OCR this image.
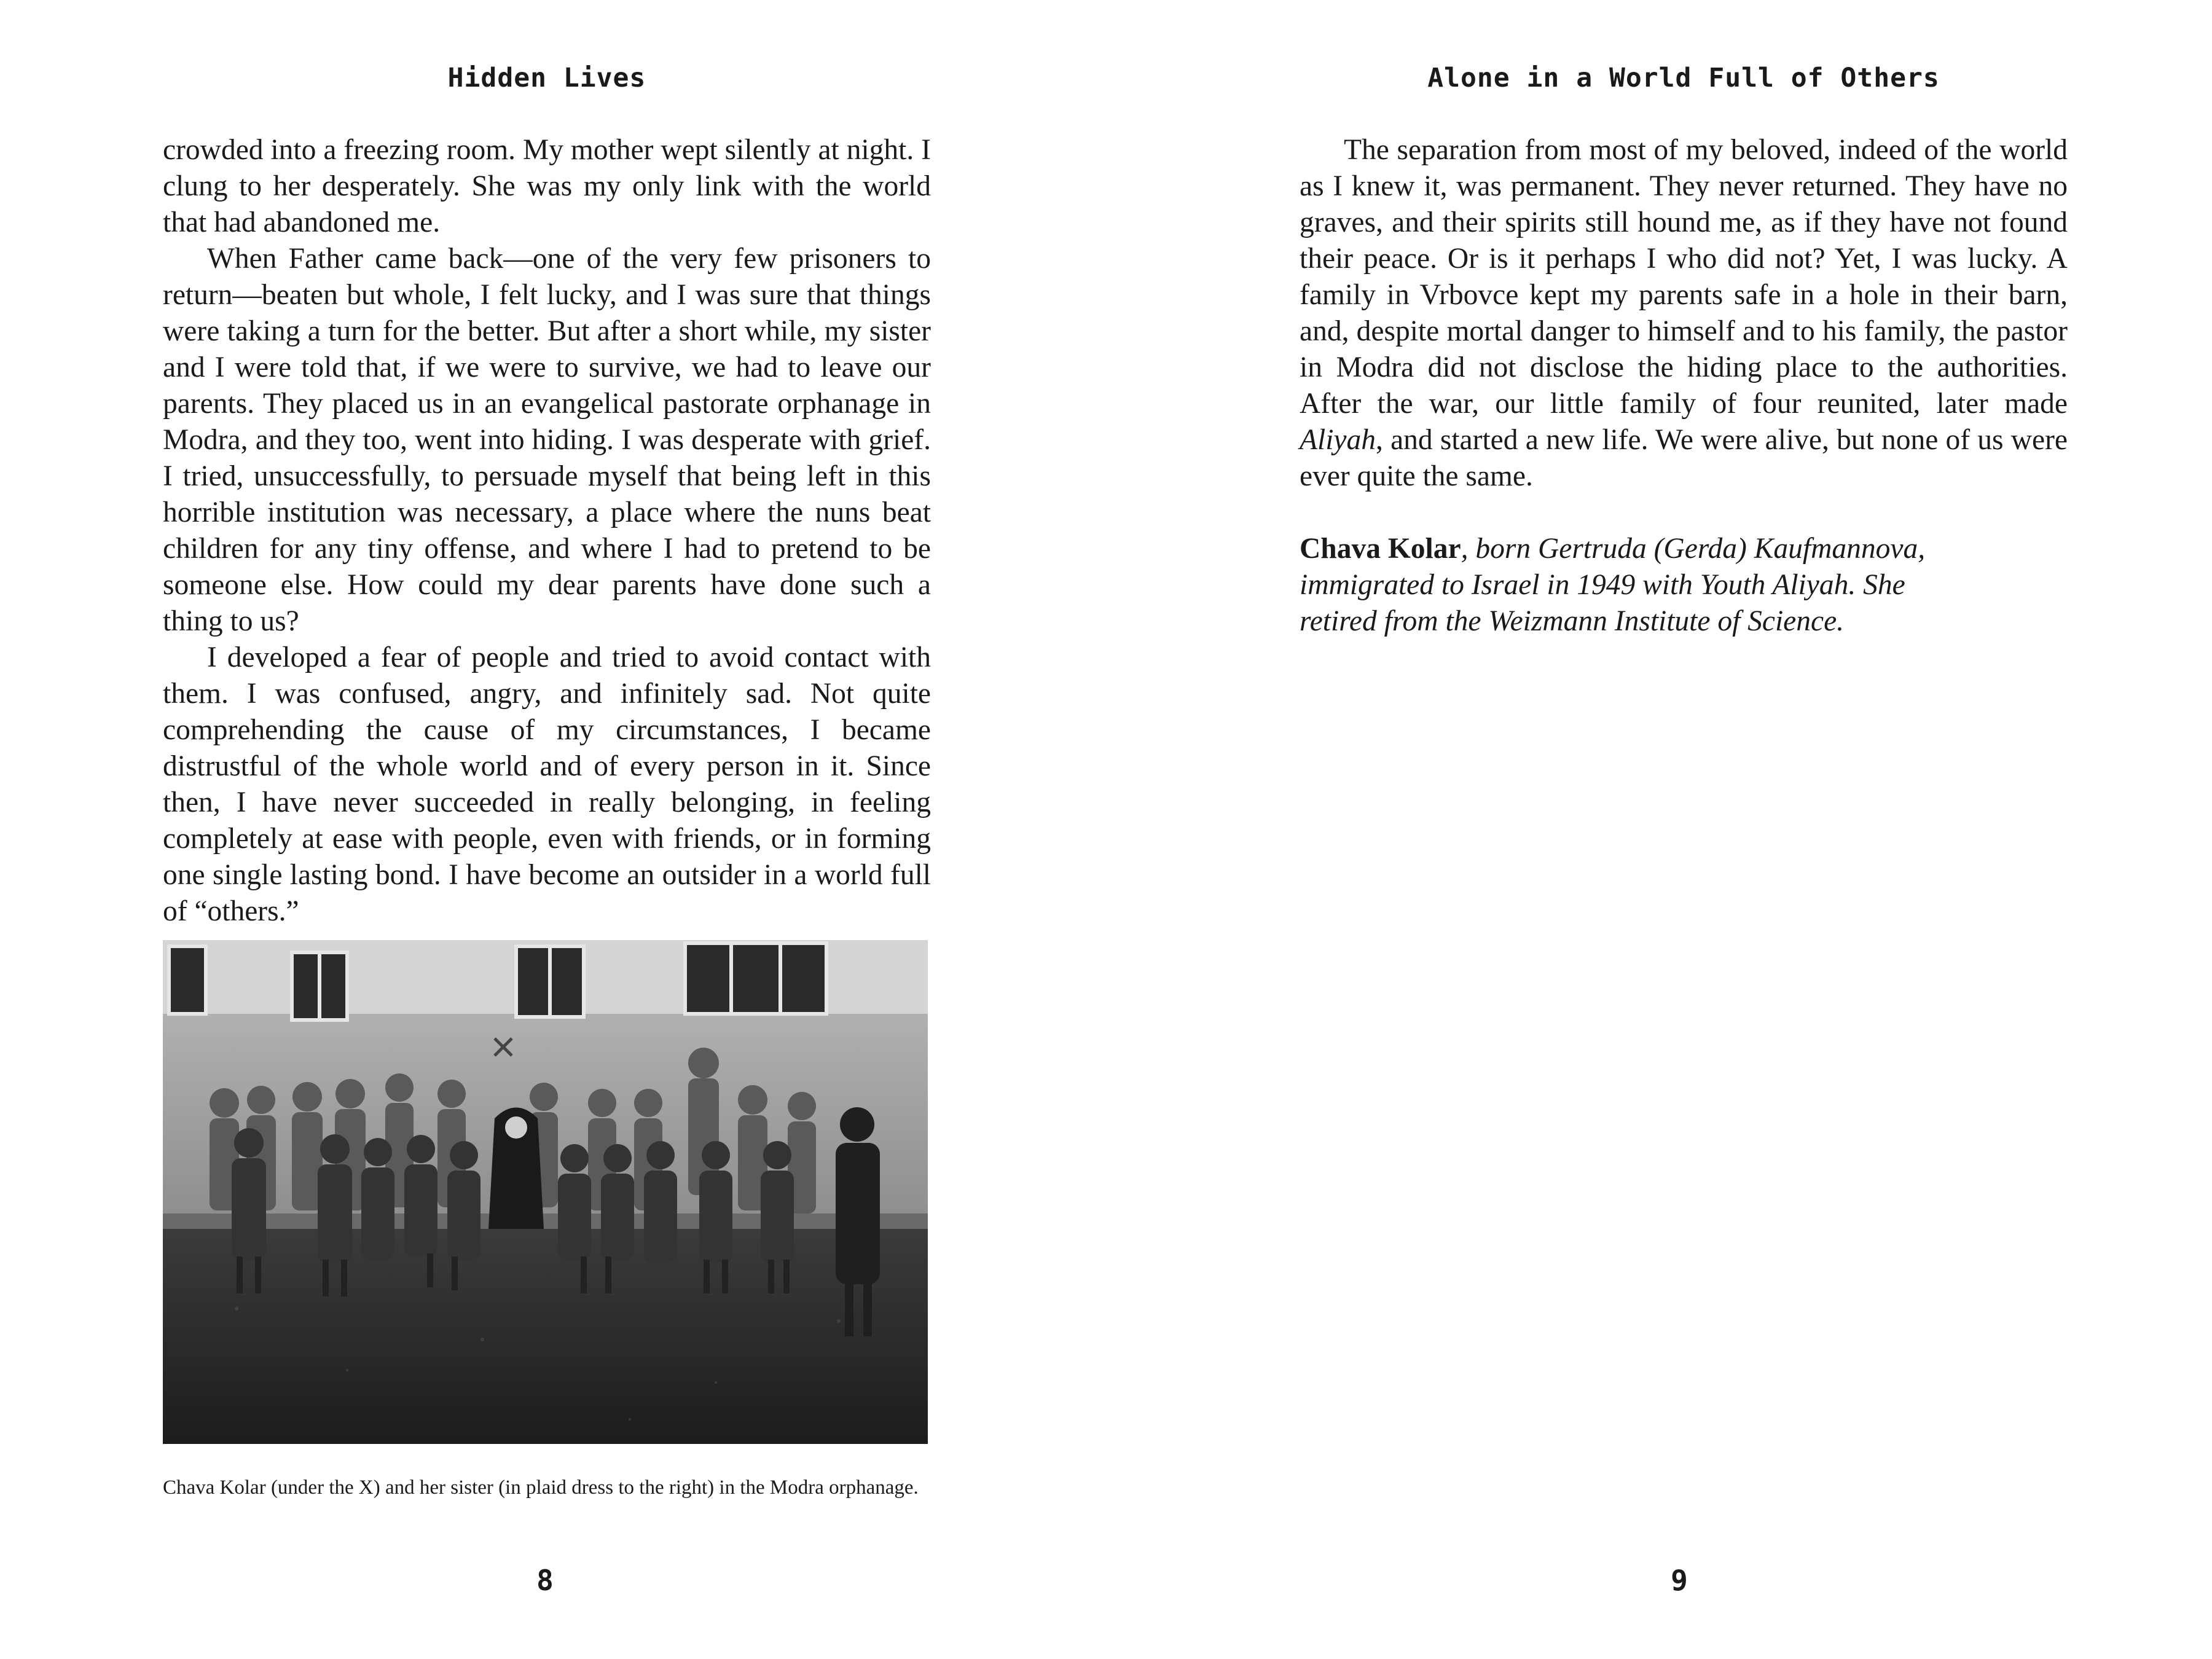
Hidden Lives

crowded into a freezing room. My mother wept silently at night. I clung to her desperately. She was my only link with the world that had abandoned me.

When Father came back—one of the very few prisoners to return—beaten but whole, I felt lucky, and I was sure that things were taking a turn for the better. But after a short while, my sister and I were told that, if we were to survive, we had to leave our parents. They placed us in an evangelical pastorate orphanage in Modra, and they too, went into hiding. I was desperate with grief. I tried, unsuccessfully, to persuade myself that being left in this horrible institution was necessary, a place where the nuns beat children for any tiny offense, and where I had to pretend to be someone else. How could my dear parents have done such a thing to us?

I developed a fear of people and tried to avoid contact with them. I was confused, angry, and infinitely sad. Not quite comprehending the cause of my circumstances, I became distrustful of the whole world and of every person in it. Since then, I have never succeeded in really belonging, in feeling completely at ease with people, even with friends, or in forming one single lasting bond. I have become an outsider in a world full of “others.”

Chava Kolar (under the X) and her sister (in plaid dress to the right) in the Modra orphanage.
8
Alone in a World Full of Others

The separation from most of my beloved, indeed of the world as I knew it, was permanent. They never returned. They have no graves, and their spirits still hound me, as if they have not found their peace. Or is it perhaps I who did not? Yet, I was lucky. A family in Vrbovce kept my parents safe in a hole in their barn, and, despite mortal danger to himself and to his family, the pastor in Modra did not disclose the hiding place to the authorities. After the war, our little family of four reunited, later made Aliyah, and started a new life. We were alive, but none of us were ever quite the same.

Chava Kolar, born Gertruda (Gerda) Kaufmannova, immigrated to Israel in 1949 with Youth Aliyah. She retired from the Weizmann Institute of Science.

9
